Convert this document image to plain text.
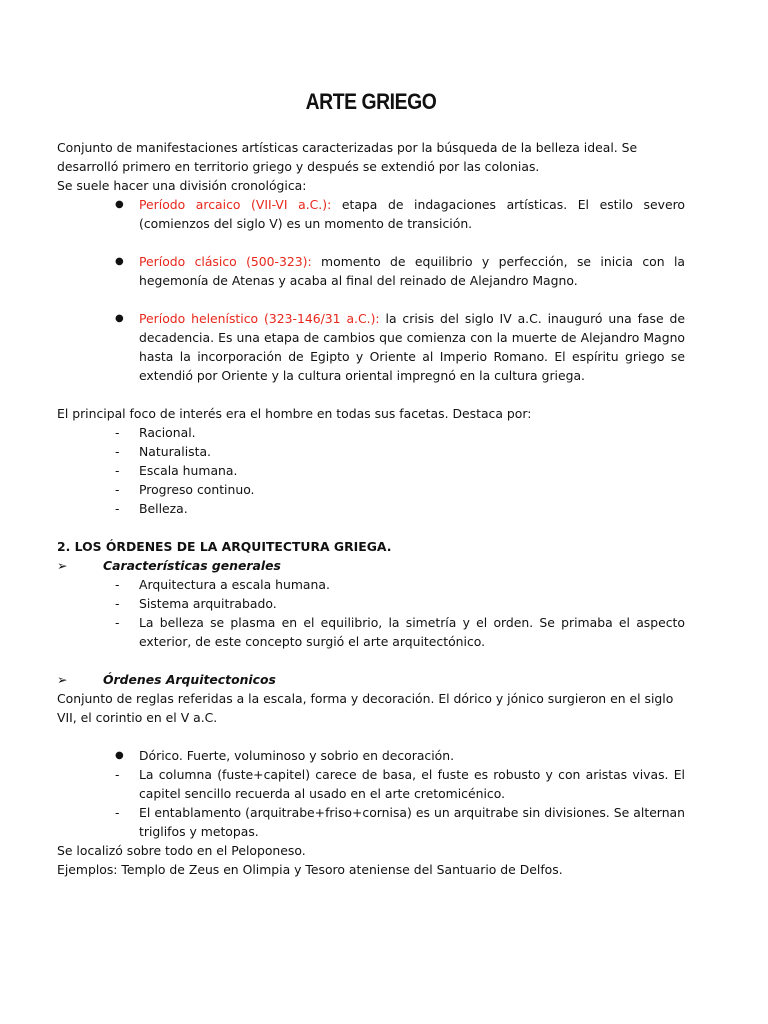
ARTE GRIEGO

Conjunto de manifestaciones artísticas caracterizadas por la búsqueda de la belleza ideal. Se desarrolló primero en territorio griego y después se extendió por las colonias.

Se suele hacer una división cronológica:

●	Período arcaico (VII-VI a.C.): etapa de indagaciones artísticas. El estilo severo (comienzos del siglo V) es un momento de transición.
●	Período clásico (500-323): momento de equilibrio y perfección, se inicia con la hegemonía de Atenas y acaba al final del reinado de Alejandro Magno.
●	Período helenístico (323-146/31 a.C.): la crisis del siglo IV a.C. inauguró una fase de decadencia. Es una etapa de cambios que comienza con la muerte de Alejandro Magno hasta la incorporación de Egipto y Oriente al Imperio Romano. El espíritu griego se extendió por Oriente y la cultura oriental impregnó en la cultura griega.

El principal foco de interés era el hombre en todas sus facetas. Destaca por:

-	Racional.
-	Naturalista.
-	Escala humana.
-	Progreso continuo.
-	Belleza.

2. LOS ÓRDENES DE LA ARQUITECTURA GRIEGA.

➢	Características generales
-	Arquitectura a escala humana.
-	Sistema arquitrabado.
-	La belleza se plasma en el equilibrio, la simetría y el orden. Se primaba el aspecto exterior, de este concepto surgió el arte arquitectónico.
➢	Órdenes Arquitectonicos

Conjunto de reglas referidas a la escala, forma y decoración. El dórico y jónico surgieron en el siglo VII, el corintio en el V a.C.

●	Dórico. Fuerte, voluminoso y sobrio en decoración.
-	La columna (fuste+capitel) carece de basa, el fuste es robusto y con aristas vivas. El capitel sencillo recuerda al usado en el arte cretomicénico.
-	El entablamento (arquitrabe+friso+cornisa) es un arquitrabe sin divisiones. Se alternan triglifos y metopas.

Se localizó sobre todo en el Peloponeso.

Ejemplos: Templo de Zeus en Olimpia y Tesoro ateniense del Santuario de Delfos.
